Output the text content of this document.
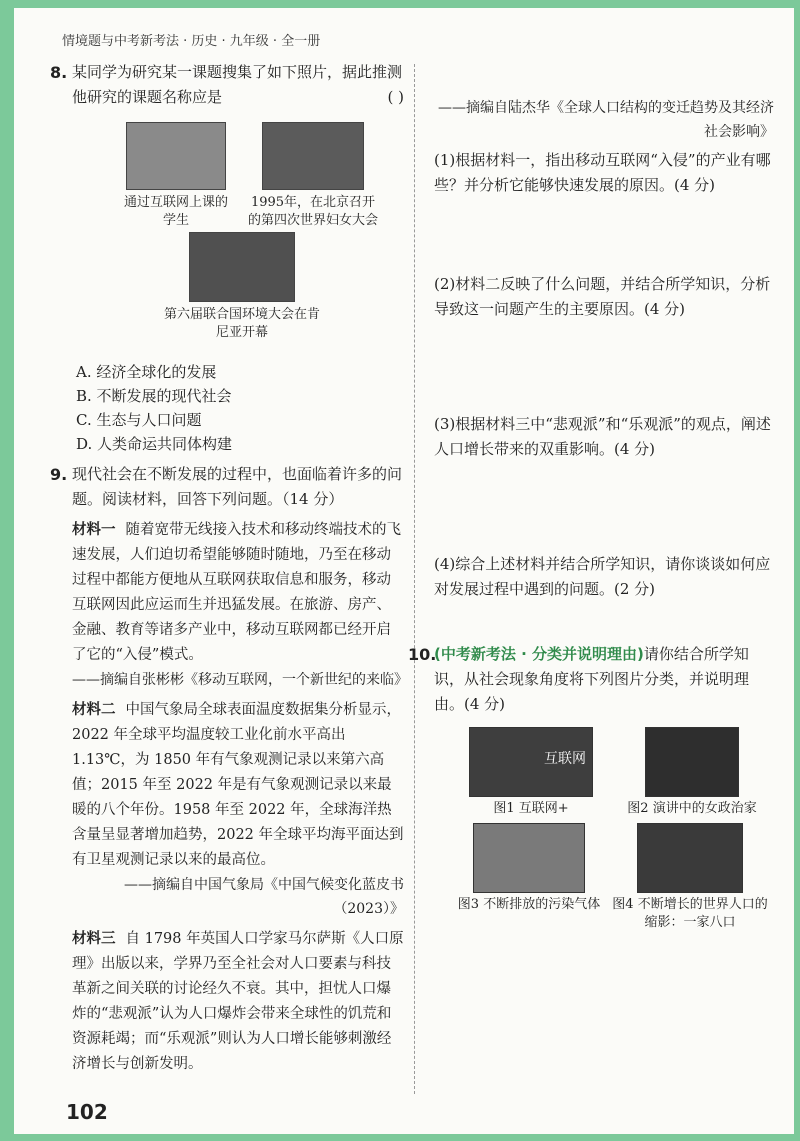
情境题与中考新考法 · 历史 · 九年级 · 全一册
8. 某同学为研究某一课题搜集了如下照片，据此推测他研究的课题名称应是	( )
通过互联网上课的学生
1995年，在北京召开的第四次世界妇女大会
第六届联合国环境大会在肯尼亚开幕
A. 经济全球化的发展
B. 不断发展的现代社会
C. 生态与人口问题
D. 人类命运共同体构建
9. 现代社会在不断发展的过程中，也面临着许多的问题。阅读材料，回答下列问题。（14 分）
材料一 随着宽带无线接入技术和移动终端技术的飞速发展，人们迫切希望能够随时随地，乃至在移动过程中都能方便地从互联网获取信息和服务，移动互联网因此应运而生并迅猛发展。在旅游、房产、金融、教育等诸多产业中，移动互联网都已经开启了它的“入侵”模式。
——摘编自张彬彬《移动互联网，一个新世纪的来临》
材料二 中国气象局全球表面温度数据集分析显示，2022 年全球平均温度较工业化前水平高出 1.13℃，为 1850 年有气象观测记录以来第六高值；2015 年至 2022 年是有气象观测记录以来最暖的八个年份。1958 年至 2022 年，全球海洋热含量呈显著增加趋势，2022 年全球平均海平面达到有卫星观测记录以来的最高位。
——摘编自中国气象局《中国气候变化蓝皮书（2023）》
材料三 自 1798 年英国人口学家马尔萨斯《人口原理》出版以来，学界乃至全社会对人口要素与科技革新之间关联的讨论经久不衰。其中，担忧人口爆炸的“悲观派”认为人口爆炸会带来全球性的饥荒和资源耗竭；而“乐观派”则认为人口增长能够刺激经济增长与创新发明。
——摘编自陆杰华《全球人口结构的变迁趋势及其经济社会影响》
(1)根据材料一，指出移动互联网“入侵”的产业有哪些？并分析它能够快速发展的原因。(4 分)
(2)材料二反映了什么问题，并结合所学知识，分析导致这一问题产生的主要原因。(4 分)
(3)根据材料三中“悲观派”和“乐观派”的观点，阐述人口增长带来的双重影响。(4 分)
(4)综合上述材料并结合所学知识，请你谈谈如何应对发展过程中遇到的问题。(2 分)
10.
(中考新考法 · 分类并说明理由)请你结合所学知识，从社会现象角度将下列图片分类，并说明理由。(4 分)
互联网
图1 互联网+	图2 演讲中的女政治家
图3 不断排放的污染气体 图4 不断增长的世界人口的缩影：一家八口
102
